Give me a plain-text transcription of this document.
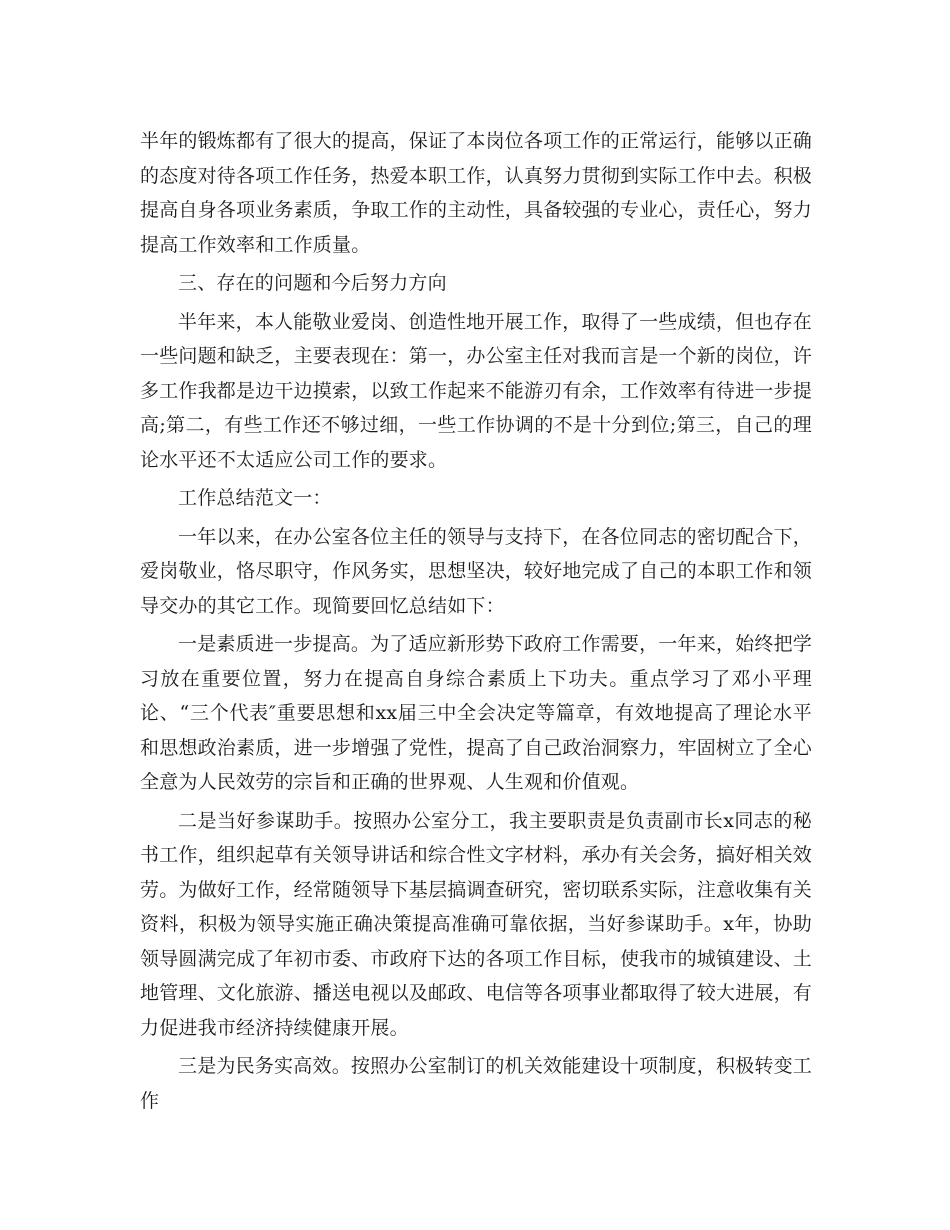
半年的锻炼都有了很大的提高，保证了本岗位各项工作的正常运行，能够以正确的态度对待各项工作任务，热爱本职工作，认真努力贯彻到实际工作中去。积极提高自身各项业务素质，争取工作的主动性，具备较强的专业心，责任心，努力提高工作效率和工作质量。

三、存在的问题和今后努力方向

半年来，本人能敬业爱岗、创造性地开展工作，取得了一些成绩，但也存在一些问题和缺乏，主要表现在：第一，办公室主任对我而言是一个新的岗位，许多工作我都是边干边摸索，以致工作起来不能游刃有余，工作效率有待进一步提高;第二，有些工作还不够过细，一些工作协调的不是十分到位;第三，自己的理论水平还不太适应公司工作的要求。

工作总结范文一：

一年以来，在办公室各位主任的领导与支持下，在各位同志的密切配合下，爱岗敬业，恪尽职守，作风务实，思想坚决，较好地完成了自己的本职工作和领导交办的其它工作。现简要回忆总结如下：

一是素质进一步提高。为了适应新形势下政府工作需要，一年来，始终把学习放在重要位置，努力在提高自身综合素质上下功夫。重点学习了邓小平理论、“三个代表″重要思想和xx届三中全会决定等篇章，有效地提高了理论水平和思想政治素质，进一步增强了党性，提高了自己政治洞察力，牢固树立了全心全意为人民效劳的宗旨和正确的世界观、人生观和价值观。

二是当好参谋助手。按照办公室分工，我主要职责是负责副市长x同志的秘书工作，组织起草有关领导讲话和综合性文字材料，承办有关会务，搞好相关效劳。为做好工作，经常随领导下基层搞调查研究，密切联系实际，注意收集有关资料，积极为领导实施正确决策提高准确可靠依据，当好参谋助手。x年，协助领导圆满完成了年初市委、市政府下达的各项工作目标，使我市的城镇建设、土地管理、文化旅游、播送电视以及邮政、电信等各项事业都取得了较大进展，有力促进我市经济持续健康开展。

三是为民务实高效。按照办公室制订的机关效能建设十项制度，积极转变工作
